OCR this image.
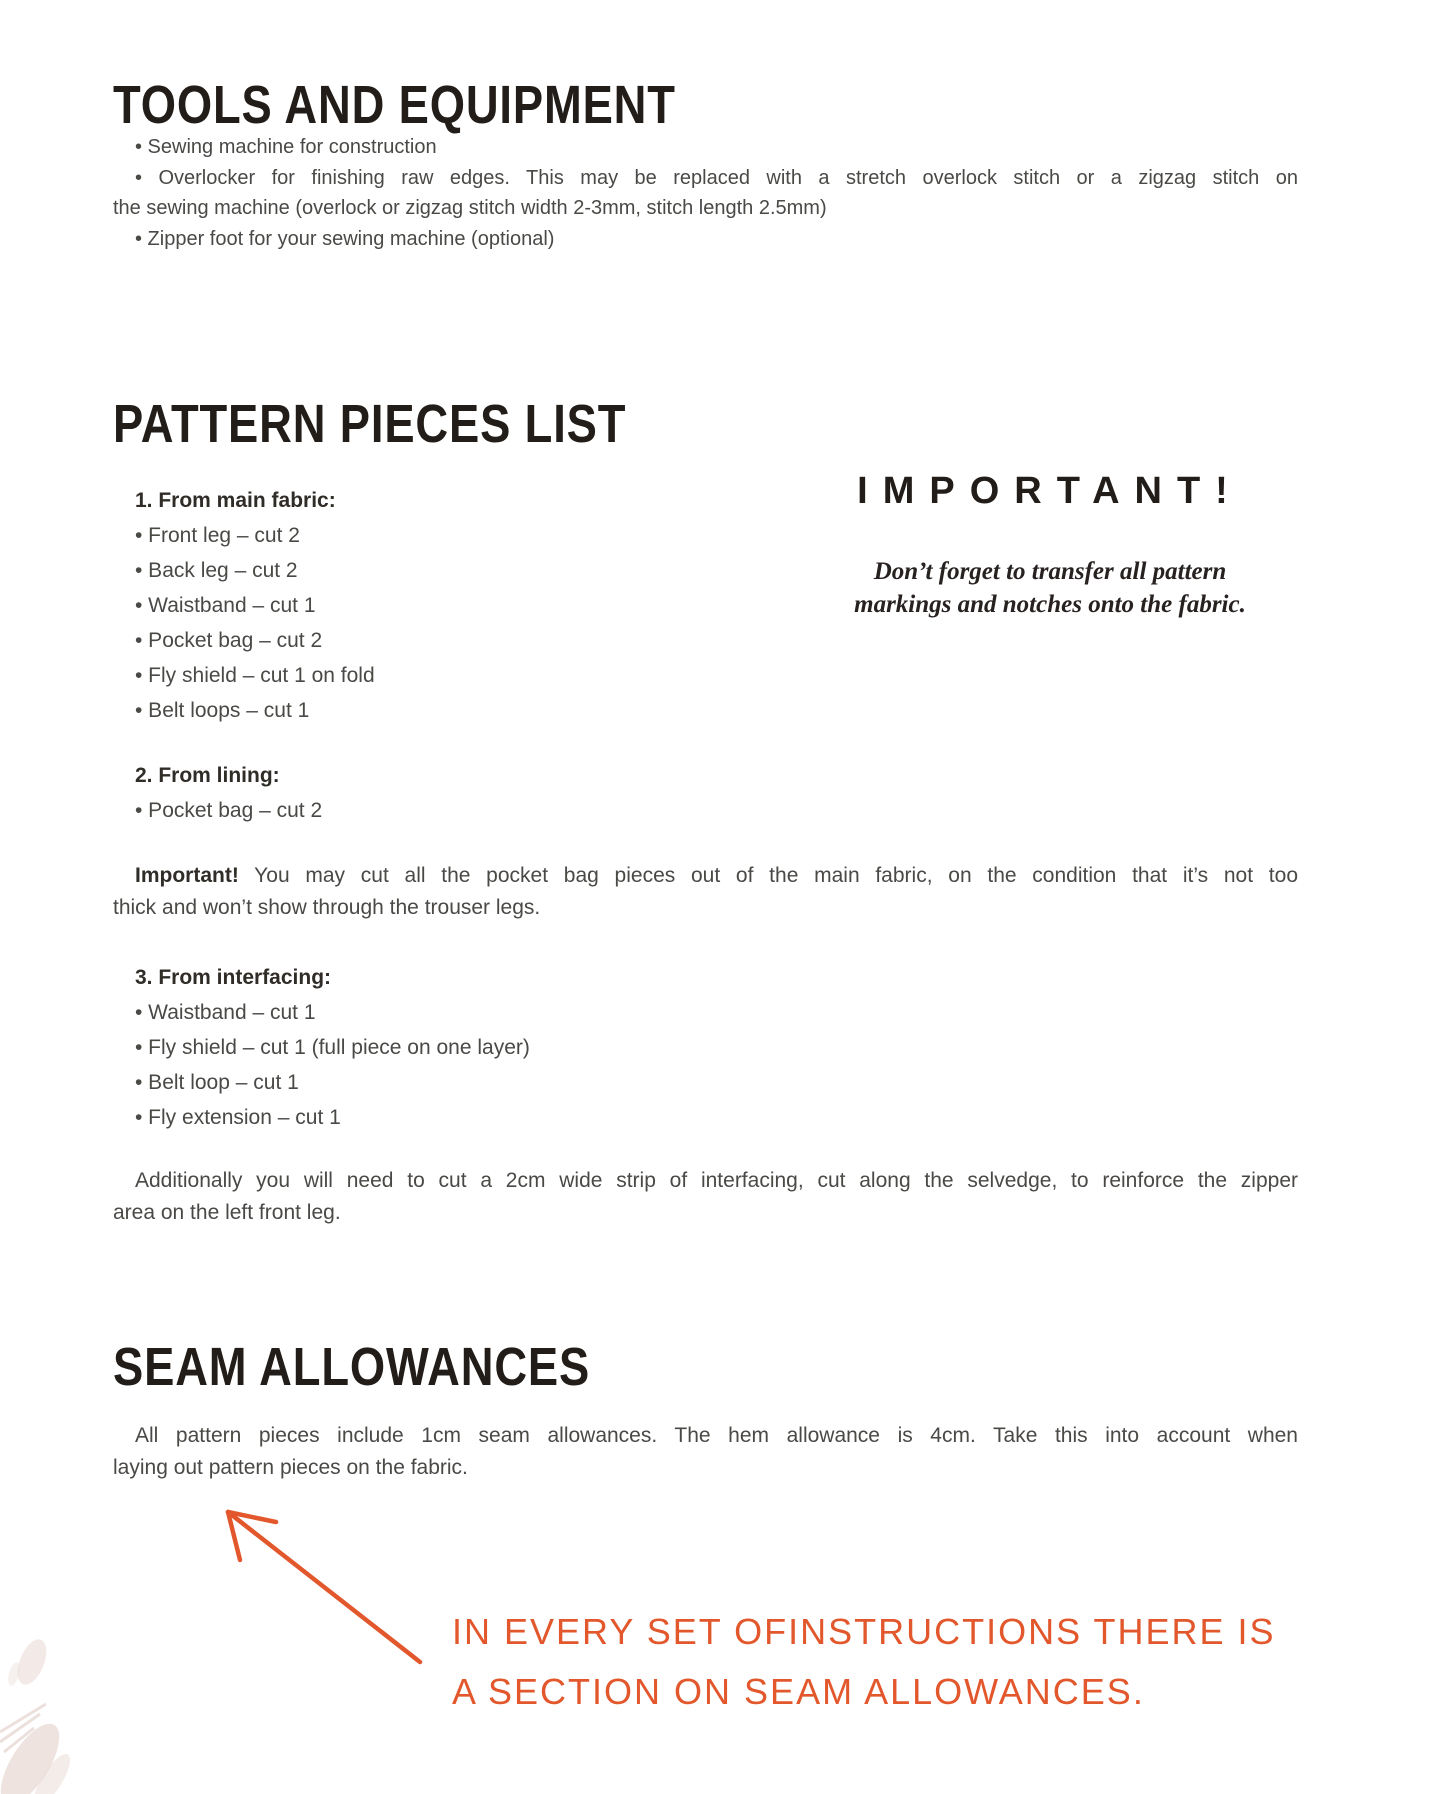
TOOLS AND EQUIPMENT
• Sewing machine for construction
• Overlocker for finishing raw edges. This may be replaced with a stretch overlock stitch or a zigzag stitch on
the sewing machine (overlock or zigzag stitch width 2-3mm, stitch length 2.5mm)
• Zipper foot for your sewing machine (optional)
PATTERN PIECES LIST
1. From main fabric:
• Front leg – cut 2
• Back leg – cut 2
• Waistband – cut 1
• Pocket bag – cut 2
• Fly shield – cut 1 on fold
• Belt loops – cut 1
IMPORTANT!
Don’t forget to transfer all pattern
markings and notches onto the fabric.
2. From lining:
• Pocket bag – cut 2
Important! You may cut all the pocket bag pieces out of the main fabric, on the condition that it’s not too
thick and won’t show through the trouser legs.
3. From interfacing:
• Waistband – cut 1
• Fly shield – cut 1 (full piece on one layer)
• Belt loop – cut 1
• Fly extension – cut 1
Additionally you will need to cut a 2cm wide strip of interfacing, cut along the selvedge, to reinforce the zipper
area on the left front leg.
SEAM ALLOWANCES
All pattern pieces include 1cm seam allowances. The hem allowance is 4cm. Take this into account when
laying out pattern pieces on the fabric.
IN EVERY SET OFINSTRUCTIONS THERE IS
A SECTION ON SEAM ALLOWANCES.
